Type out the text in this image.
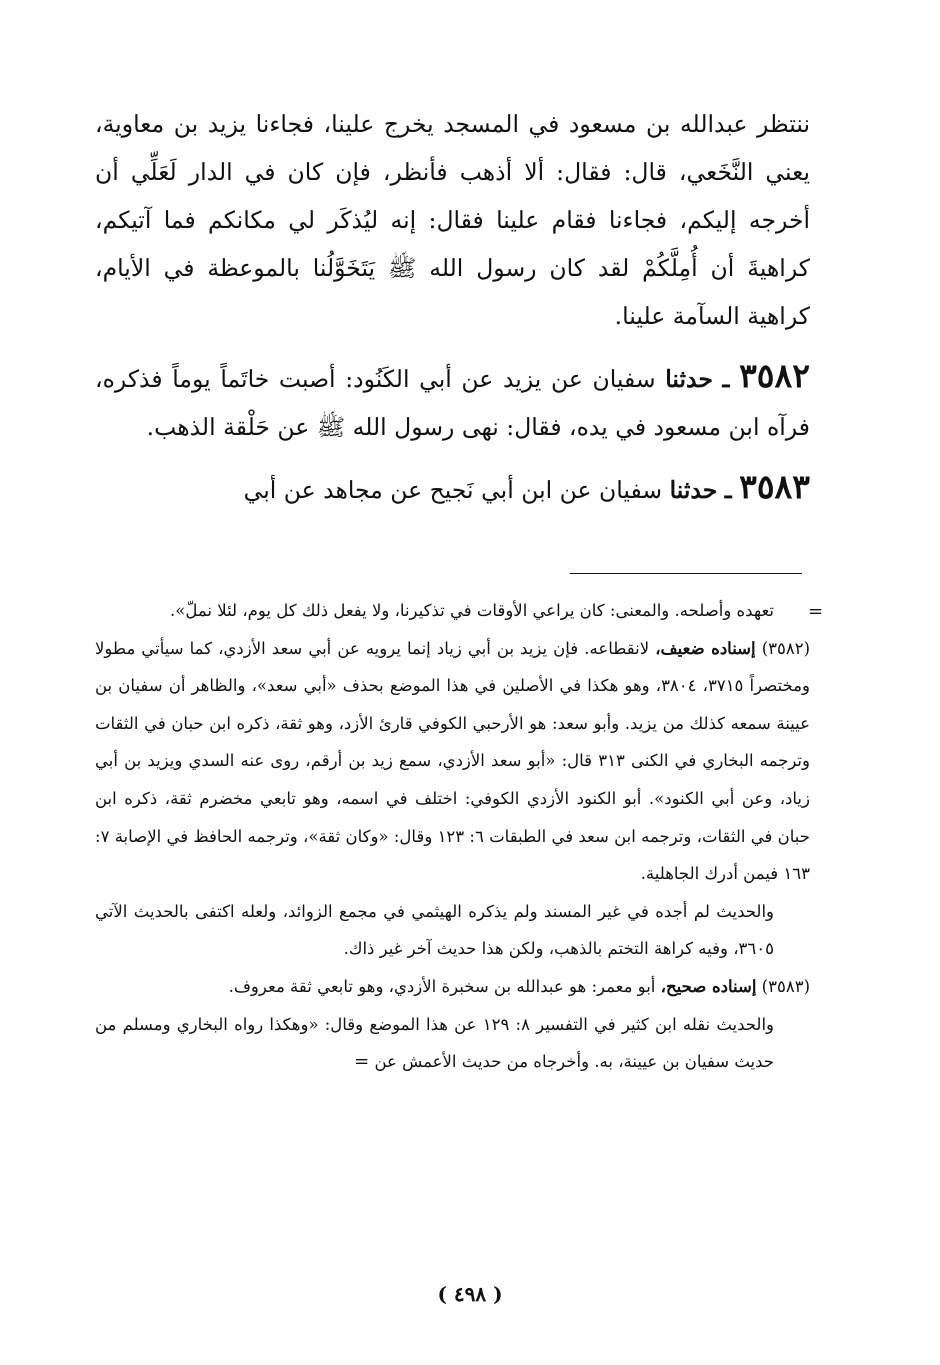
ننتظر عبدالله بن مسعود في المسجد يخرج علينا، فجاءنا يزيد بن معاوية، يعني النَّخَعي، قال: فقال: ألا أذهب فأنظر، فإن كان في الدار لَعَلِّي أن أخرجه إليكم، فجاءنا فقام علينا فقال: إنه ليُذكَر لي مكانكم فما آتيكم، كراهيةَ أن أُمِلَّكُمْ لقد كان رسول الله ﷺ يَتَخَوَّلُنا بالموعظة في الأيام، كراهية السآمة علينا.

٣٥٨٢ ـ حدثنا سفيان عن يزيد عن أبي الكَنُود: أصبت خاتَماً يوماً فذكره، فرآه ابن مسعود في يده، فقال: نهى رسول الله ﷺ عن حَلْقة الذهب.

٣٥٨٣ ـ حدثنا سفيان عن ابن أبي نَجيح عن مجاهد عن أبي

=

تعهده وأصلحه. والمعنى: كان يراعي الأوقات في تذكيرنا، ولا يفعل ذلك كل يوم، لئلا نملّ».

(٣٥٨٢) إسناده ضعيف، لانقطاعه. فإن يزيد بن أبي زياد إنما يرويه عن أبي سعد الأزدي، كما سيأتي مطولا ومختصراً ٣٧١٥، ٣٨٠٤، وهو هكذا في الأصلين في هذا الموضع بحذف «أبي سعد»، والظاهر أن سفيان بن عيينة سمعه كذلك من يزيد. وأبو سعد: هو الأرحبي الكوفي قارئ الأزد، وهو ثقة، ذكره ابن حبان في الثقات وترجمه البخاري في الكنى ٣١٣ قال: «أبو سعد الأزدي، سمع زيد بن أرقم، روى عنه السدي ويزيد بن أبي زياد، وعن أبي الكنود». أبو الكنود الأزدي الكوفي: اختلف في اسمه، وهو تابعي مخضرم ثقة، ذكره ابن حبان في الثقات، وترجمه ابن سعد في الطبقات ٦: ١٢٣ وقال: «وكان ثقة»، وترجمه الحافظ في الإصابة ٧: ١٦٣ فيمن أدرك الجاهلية.

والحديث لم أجده في غير المسند ولم يذكره الهيثمي في مجمع الزوائد، ولعله اكتفى بالحديث الآتي ٣٦٠٥، وفيه كراهة التختم بالذهب، ولكن هذا حديث آخر غير ذاك.

(٣٥٨٣) إسناده صحيح، أبو معمر: هو عبدالله بن سخبرة الأزدي، وهو تابعي ثقة معروف.

والحديث نقله ابن كثير في التفسير ٨: ١٢٩ عن هذا الموضع وقال: «وهكذا رواه البخاري ومسلم من حديث سفيان بن عيينة، به. وأخرجاه من حديث الأعمش عن =

( ٤٩٨ )
